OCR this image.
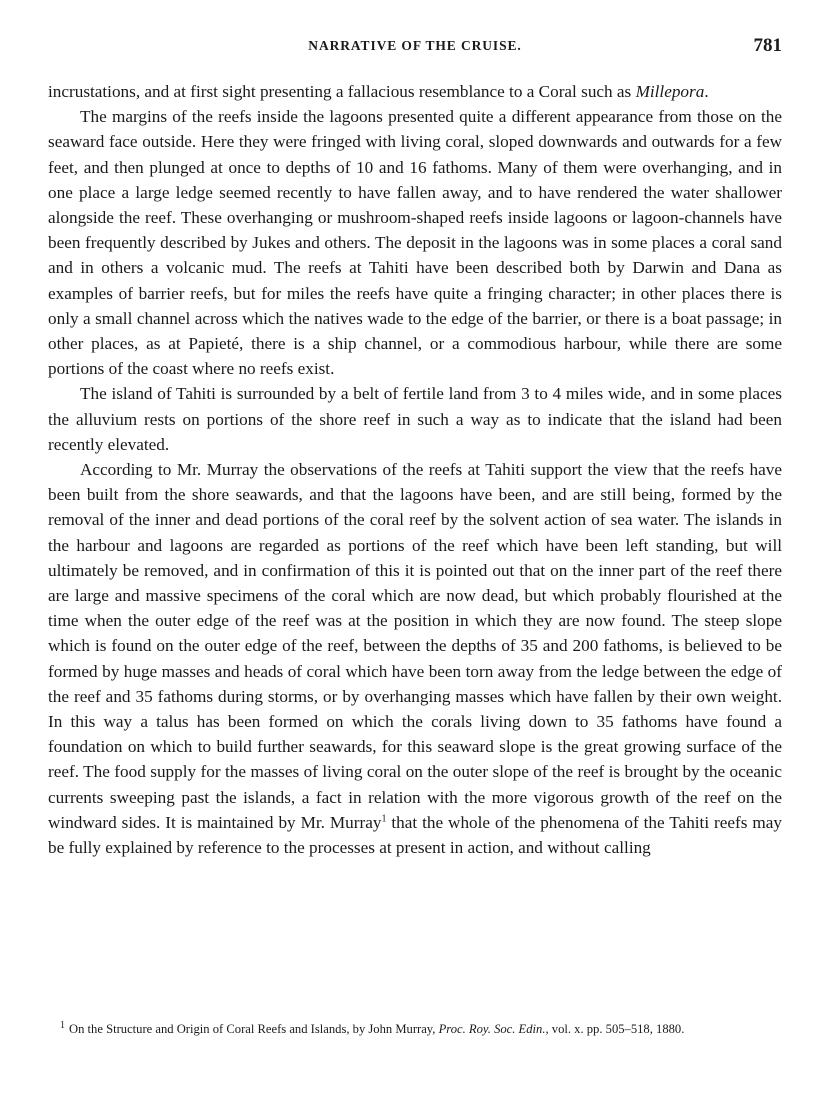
NARRATIVE OF THE CRUISE.	781

incrustations, and at first sight presenting a fallacious resemblance to a Coral such as Millepora.

The margins of the reefs inside the lagoons presented quite a different appearance from those on the seaward face outside. Here they were fringed with living coral, sloped downwards and outwards for a few feet, and then plunged at once to depths of 10 and 16 fathoms. Many of them were overhanging, and in one place a large ledge seemed recently to have fallen away, and to have rendered the water shallower alongside the reef. These overhanging or mushroom-shaped reefs inside lagoons or lagoon-channels have been frequently described by Jukes and others. The deposit in the lagoons was in some places a coral sand and in others a volcanic mud. The reefs at Tahiti have been described both by Darwin and Dana as examples of barrier reefs, but for miles the reefs have quite a fringing character; in other places there is only a small channel across which the natives wade to the edge of the barrier, or there is a boat passage; in other places, as at Papieté, there is a ship channel, or a commodious harbour, while there are some portions of the coast where no reefs exist.

The island of Tahiti is surrounded by a belt of fertile land from 3 to 4 miles wide, and in some places the alluvium rests on portions of the shore reef in such a way as to indicate that the island had been recently elevated.

According to Mr. Murray the observations of the reefs at Tahiti support the view that the reefs have been built from the shore seawards, and that the lagoons have been, and are still being, formed by the removal of the inner and dead portions of the coral reef by the solvent action of sea water. The islands in the harbour and lagoons are regarded as portions of the reef which have been left standing, but will ultimately be removed, and in confirmation of this it is pointed out that on the inner part of the reef there are large and massive specimens of the coral which are now dead, but which probably flourished at the time when the outer edge of the reef was at the position in which they are now found. The steep slope which is found on the outer edge of the reef, between the depths of 35 and 200 fathoms, is believed to be formed by huge masses and heads of coral which have been torn away from the ledge between the edge of the reef and 35 fathoms during storms, or by overhanging masses which have fallen by their own weight. In this way a talus has been formed on which the corals living down to 35 fathoms have found a foundation on which to build further seawards, for this seaward slope is the great growing surface of the reef. The food supply for the masses of living coral on the outer slope of the reef is brought by the oceanic currents sweeping past the islands, a fact in relation with the more vigorous growth of the reef on the windward sides. It is maintained by Mr. Murray$^1$ that the whole of the phenomena of the Tahiti reefs may be fully explained by reference to the processes at present in action, and without calling

$^1$ On the Structure and Origin of Coral Reefs and Islands, by John Murray, Proc. Roy. Soc. Edin., vol. x. pp. 505–518, 1880.
